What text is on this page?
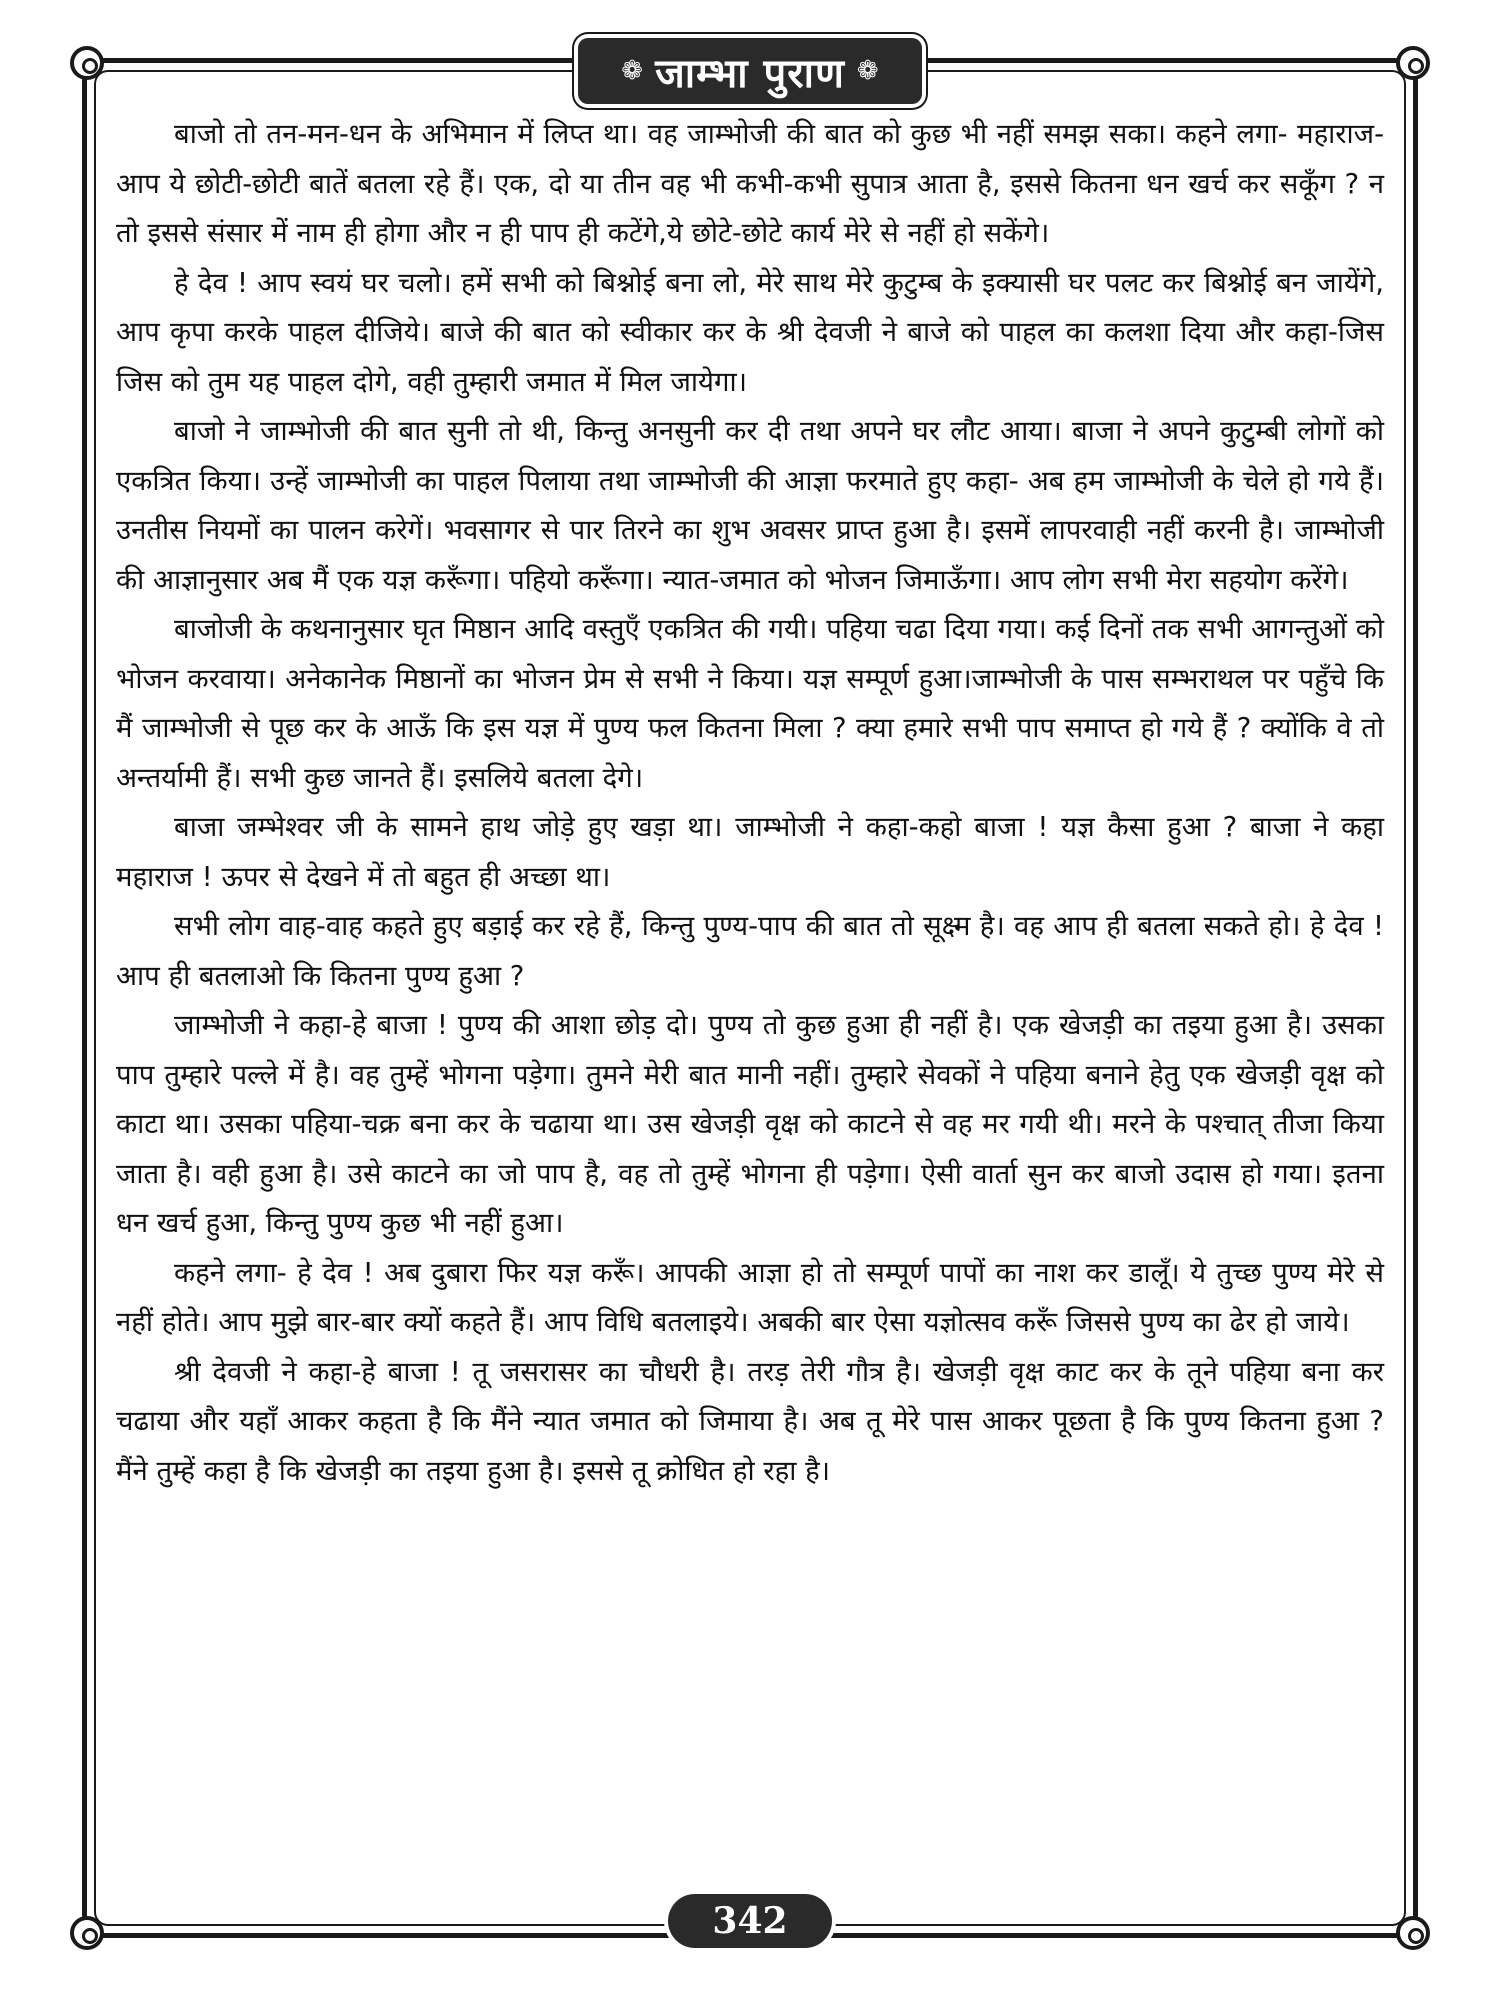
❁ जाम्भा पुराण ❁

बाजो तो तन-मन-धन के अभिमान में लिप्त था। वह जाम्भोजी की बात को कुछ भी नहीं समझ सका। कहने लगा- महाराज-आप ये छोटी-छोटी बातें बतला रहे हैं। एक, दो या तीन वह भी कभी-कभी सुपात्र आता है, इससे कितना धन खर्च कर सकूँग ? न तो इससे संसार में नाम ही होगा और न ही पाप ही कटेंगे,ये छोटे-छोटे कार्य मेरे से नहीं हो सकेंगे।

हे देव ! आप स्वयं घर चलो। हमें सभी को बिश्नोई बना लो, मेरे साथ मेरे कुटुम्ब के इक्यासी घर पलट कर बिश्नोई बन जायेंगे, आप कृपा करके पाहल दीजिये। बाजे की बात को स्वीकार कर के श्री देवजी ने बाजे को पाहल का कलशा दिया और कहा-जिस जिस को तुम यह पाहल दोगे, वही तुम्हारी जमात में मिल जायेगा।

बाजो ने जाम्भोजी की बात सुनी तो थी, किन्तु अनसुनी कर दी तथा अपने घर लौट आया। बाजा ने अपने कुटुम्बी लोगों को एकत्रित किया। उन्हें जाम्भोजी का पाहल पिलाया तथा जाम्भोजी की आज्ञा फरमाते हुए कहा- अब हम जाम्भोजी के चेले हो गये हैं। उनतीस नियमों का पालन करेगें। भवसागर से पार तिरने का शुभ अवसर प्राप्त हुआ है। इसमें लापरवाही नहीं करनी है। जाम्भोजी की आज्ञानुसार अब मैं एक यज्ञ करूँगा। पहियो करूँगा। न्यात-जमात को भोजन जिमाऊँगा। आप लोग सभी मेरा सहयोग करेंगे।

बाजोजी के कथनानुसार घृत मिष्ठान आदि वस्तुएँ एकत्रित की गयी। पहिया चढा दिया गया। कई दिनों तक सभी आगन्तुओं को भोजन करवाया। अनेकानेक मिष्ठानों का भोजन प्रेम से सभी ने किया। यज्ञ सम्पूर्ण हुआ।जाम्भोजी के पास सम्भराथल पर पहुँचे कि मैं जाम्भोजी से पूछ कर के आऊँ कि इस यज्ञ में पुण्य फल कितना मिला ? क्या हमारे सभी पाप समाप्त हो गये हैं ? क्योंकि वे तो अन्तर्यामी हैं। सभी कुछ जानते हैं। इसलिये बतला देगे।

बाजा जम्भेश्वर जी के सामने हाथ जोड़े हुए खड़ा था। जाम्भोजी ने कहा-कहो बाजा ! यज्ञ कैसा हुआ ? बाजा ने कहा महाराज ! ऊपर से देखने में तो बहुत ही अच्छा था।

सभी लोग वाह-वाह कहते हुए बड़ाई कर रहे हैं, किन्तु पुण्य-पाप की बात तो सूक्ष्म है। वह आप ही बतला सकते हो। हे देव ! आप ही बतलाओ कि कितना पुण्य हुआ ?

जाम्भोजी ने कहा-हे बाजा ! पुण्य की आशा छोड़ दो। पुण्य तो कुछ हुआ ही नहीं है। एक खेजड़ी का तइया हुआ है। उसका पाप तुम्हारे पल्ले में है। वह तुम्हें भोगना पड़ेगा। तुमने मेरी बात मानी नहीं। तुम्हारे सेवकों ने पहिया बनाने हेतु एक खेजड़ी वृक्ष को काटा था। उसका पहिया-चक्र बना कर के चढाया था। उस खेजड़ी वृक्ष को काटने से वह मर गयी थी। मरने के पश्चात् तीजा किया जाता है। वही हुआ है। उसे काटने का जो पाप है, वह तो तुम्हें भोगना ही पड़ेगा। ऐसी वार्ता सुन कर बाजो उदास हो गया। इतना धन खर्च हुआ, किन्तु पुण्य कुछ भी नहीं हुआ।

कहने लगा- हे देव ! अब दुबारा फिर यज्ञ करूँ। आपकी आज्ञा हो तो सम्पूर्ण पापों का नाश कर डालूँ। ये तुच्छ पुण्य मेरे से नहीं होते। आप मुझे बार-बार क्यों कहते हैं। आप विधि बतलाइये। अबकी बार ऐसा यज्ञोत्सव करूँ जिससे पुण्य का ढेर हो जाये।

श्री देवजी ने कहा-हे बाजा ! तू जसरासर का चौधरी है। तरड़ तेरी गौत्र है। खेजड़ी वृक्ष काट कर के तूने पहिया बना कर चढाया और यहाँ आकर कहता है कि मैंने न्यात जमात को जिमाया है। अब तू मेरे पास आकर पूछता है कि पुण्य कितना हुआ ? मैंने तुम्हें कहा है कि खेजड़ी का तइया हुआ है। इससे तू क्रोधित हो रहा है।

342
